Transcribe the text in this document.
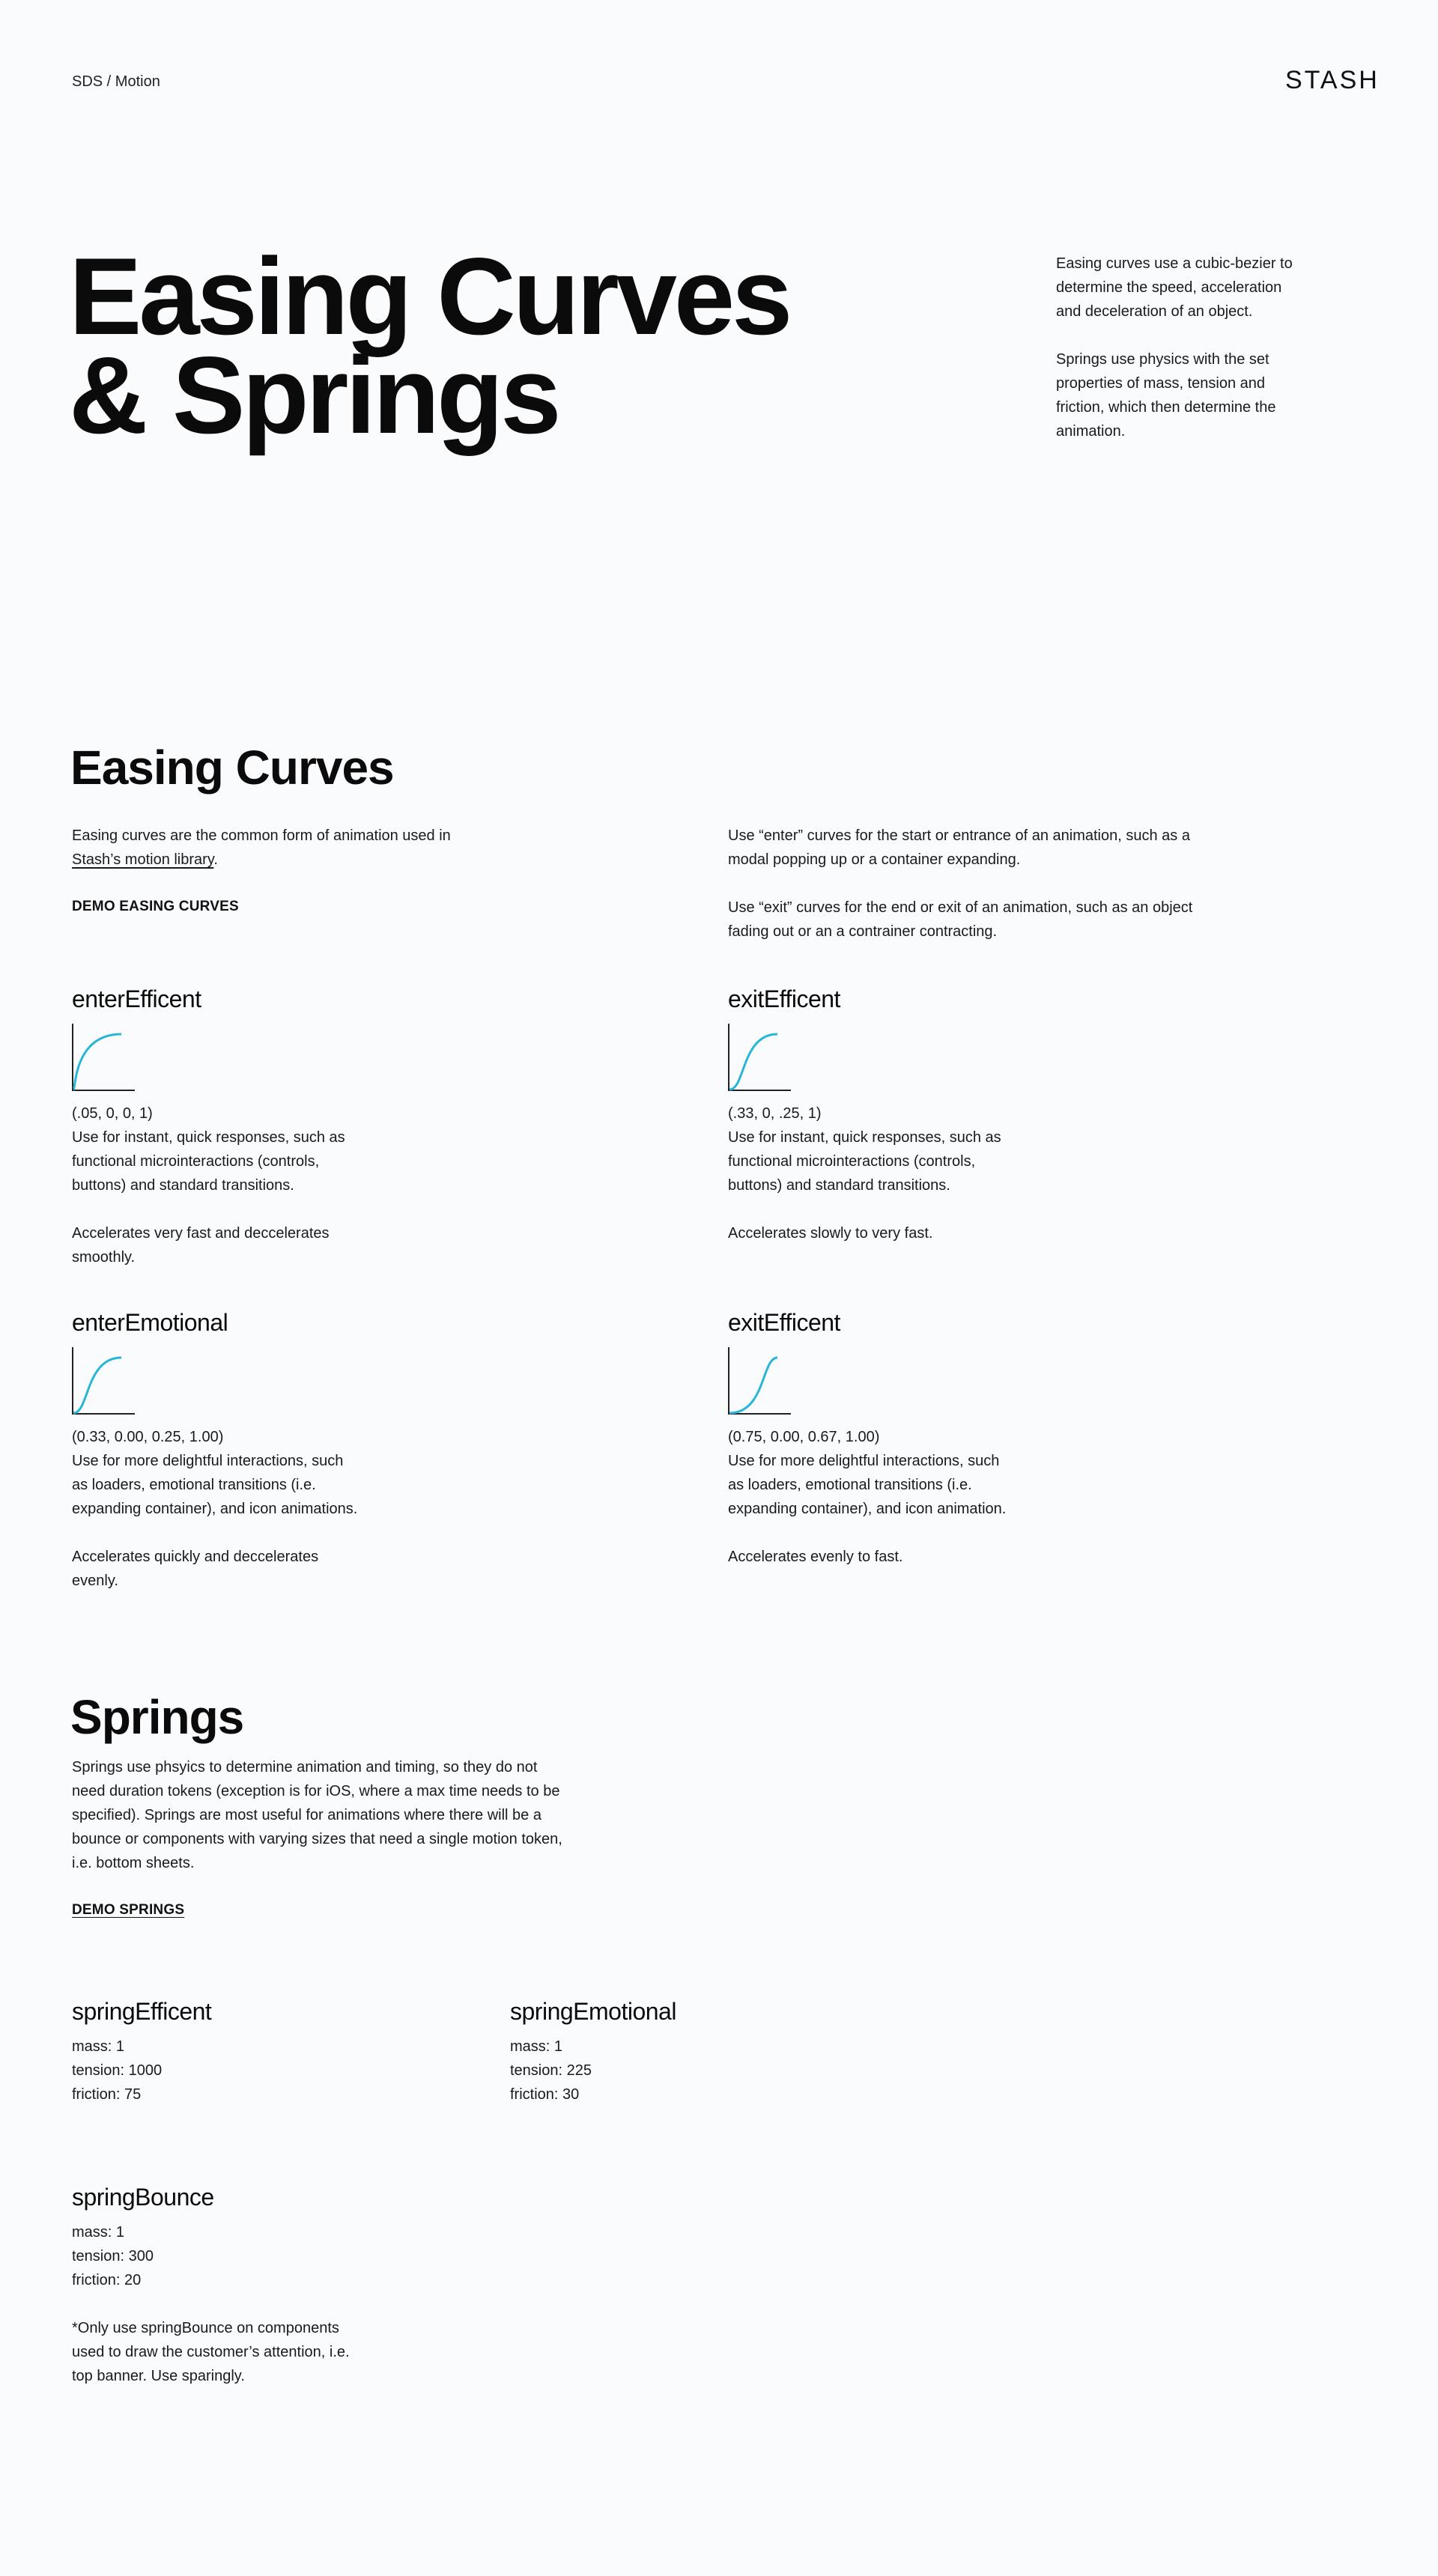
SDS / Motion	STASH
Easing Curves
& Springs
Easing curves use a cubic-bezier to
determine the speed, acceleration
and deceleration of an object.
Springs use physics with the set
properties of mass, tension and
friction, which then determine the
animation.
Easing Curves
Easing curves are the common form of animation used in
Stash’s motion library.
DEMO EASING CURVES
Use “enter” curves for the start or entrance of an animation, such as a
modal popping up or a container expanding.
Use “exit” curves for the end or exit of an animation, such as an object
fading out or an a contrainer contracting.
enterEfficent
(.05, 0, 0, 1)
Use for instant, quick responses, such as
functional microinteractions (controls,
buttons) and standard transitions.
Accelerates very fast and deccelerates
smoothly.
exitEfficent
(.33, 0, .25, 1)
Use for instant, quick responses, such as
functional microinteractions (controls,
buttons) and standard transitions.
Accelerates slowly to very fast.
enterEmotional
(0.33, 0.00, 0.25, 1.00)
Use for more delightful interactions, such
as loaders, emotional transitions (i.e.
expanding container), and icon animations.
Accelerates quickly and deccelerates
evenly.
exitEfficent
(0.75, 0.00, 0.67, 1.00)
Use for more delightful interactions, such
as loaders, emotional transitions (i.e.
expanding container), and icon animation.
Accelerates evenly to fast.
Springs
Springs use phsyics to determine animation and timing, so they do not
need duration tokens (exception is for iOS, where a max time needs to be
specified). Springs are most useful for animations where there will be a
bounce or components with varying sizes that need a single motion token,
i.e. bottom sheets.
DEMO SPRINGS
springEfficent
mass: 1
tension: 1000
friction: 75
springEmotional
mass: 1
tension: 225
friction: 30
springBounce
mass: 1
tension: 300
friction: 20
*Only use springBounce on components
used to draw the customer’s attention, i.e.
top banner. Use sparingly.
